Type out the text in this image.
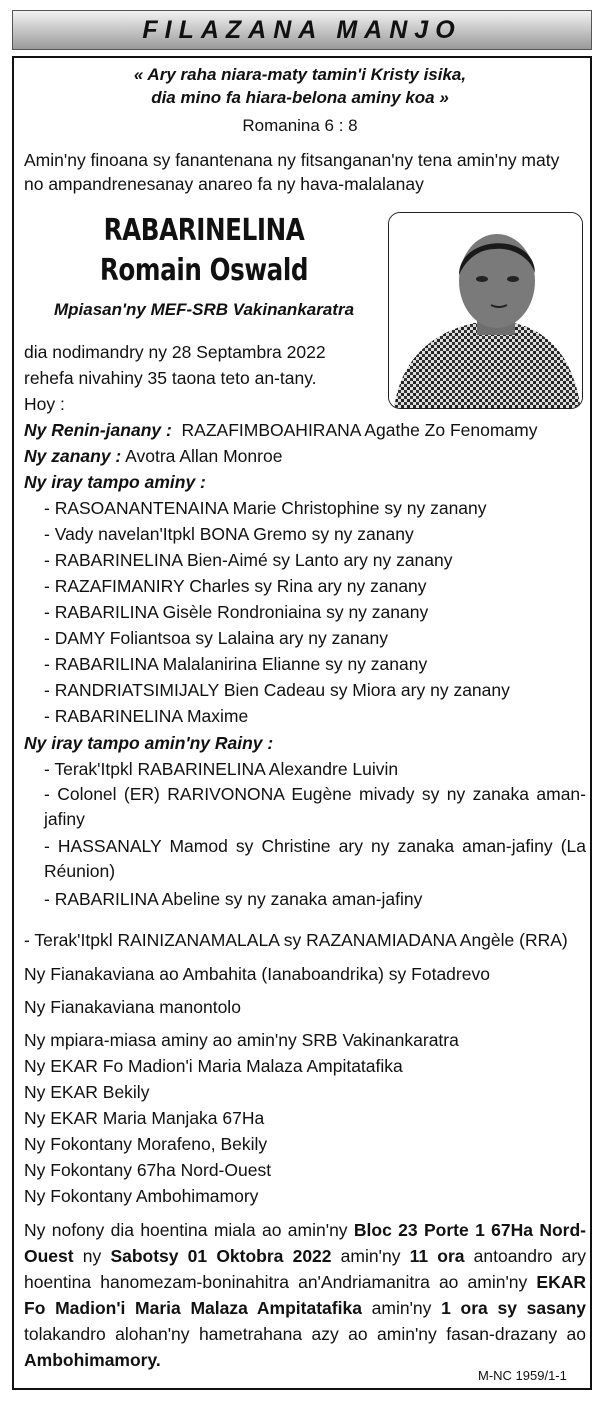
FILAZANA MANJO
« Ary raha niara-maty tamin'i Kristy isika,
dia mino fa hiara-belona aminy koa »
Romanina 6 : 8
Amin'ny finoana sy fanantenana ny fitsanganan'ny tena amin'ny maty
no ampandrenesanay anareo fa ny hava-malalanay
RABARINELINA
Romain Oswald
Mpiasan'ny MEF-SRB Vakinankaratra
dia nodimandry ny 28 Septambra 2022
rehefa nivahiny 35 taona teto an-tany.
Hoy :
Ny Renin-janany : RAZAFIMBOAHIRANA Agathe Zo Fenomamy
Ny zanany : Avotra Allan Monroe
Ny iray tampo aminy :
- RASOANANTENAINA Marie Christophine sy ny zanany
- Vady navelan'Itpkl BONA Gremo sy ny zanany
- RABARINELINA Bien-Aimé sy Lanto ary ny zanany
- RAZAFIMANIRY Charles sy Rina ary ny zanany
- RABARILINA Gisèle Rondroniaina sy ny zanany
- DAMY Foliantsoa sy Lalaina ary ny zanany
- RABARILINA Malalanirina Elianne sy ny zanany
- RANDRIATSIMIJALY Bien Cadeau sy Miora ary ny zanany
- RABARINELINA Maxime
Ny iray tampo amin'ny Rainy :
- Terak'Itpkl RABARINELINA Alexandre Luivin
- Colonel (ER) RARIVONONA Eugène mivady sy ny zanaka aman-jafiny
- HASSANALY Mamod sy Christine ary ny zanaka aman-jafiny (La Réunion)
- RABARILINA Abeline sy ny zanaka aman-jafiny
- Terak'Itpkl RAINIZANAMALALA sy RAZANAMIADANA Angèle (RRA)
Ny Fianakaviana ao Ambahita (Ianaboandrika) sy Fotadrevo
Ny Fianakaviana manontolo
Ny mpiara-miasa aminy ao amin'ny SRB Vakinankaratra
Ny EKAR Fo Madion'i Maria Malaza Ampitatafika
Ny EKAR Bekily
Ny EKAR Maria Manjaka 67Ha
Ny Fokontany Morafeno, Bekily
Ny Fokontany 67ha Nord-Ouest
Ny Fokontany Ambohimamory
Ny nofony dia hoentina miala ao amin'ny Bloc 23 Porte 1 67Ha Nord-Ouest ny Sabotsy 01 Oktobra 2022 amin'ny 11 ora antoandro ary hoentina hanomezam-boninahitra an'Andriamanitra ao amin'ny EKAR Fo Madion'i Maria Malaza Ampitatafika amin'ny 1 ora sy sasany tolakandro alohan'ny hametrahana azy ao amin'ny fasan-drazany ao Ambohimamory.
M-NC 1959/1-1
